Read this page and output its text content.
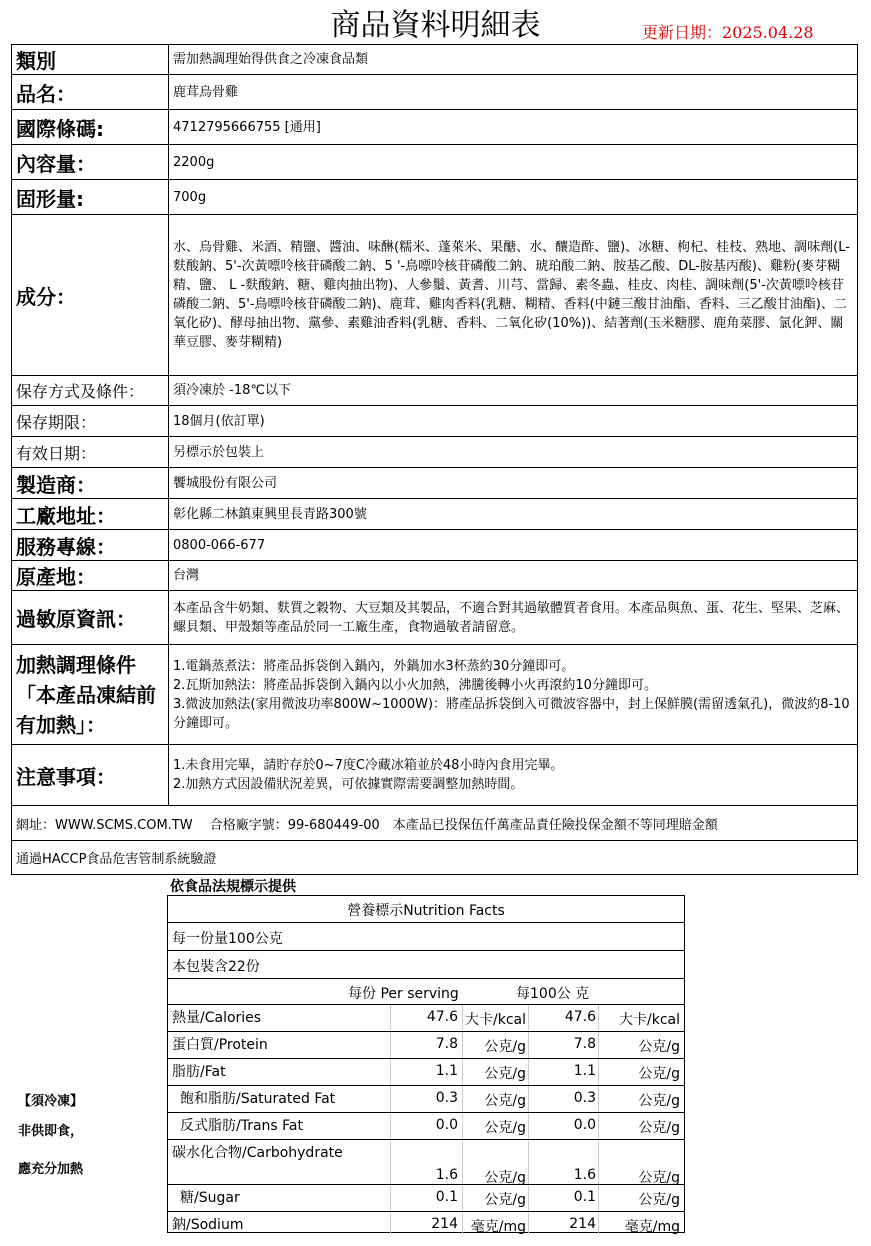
商品資料明細表	更新日期：2025.04.28
類別	需加熱調理始得供食之冷凍食品類
品名：	鹿茸烏骨雞
國際條碼:	4712795666755 [通用]
內容量：	2200g
固形量:	700g
成分：	水、烏骨雞、米酒、精鹽、醬油、味醂(糯米、蓬萊米、果醣、水、釀造酢、鹽)、冰糖、枸杞、桂枝、熟地、調味劑(L-麩酸鈉、5'-次黃嘌呤核苷磷酸二鈉、5 '-鳥嘌呤核苷磷酸二鈉、琥珀酸二鈉、胺基乙酸、DL-胺基丙酸)、雞粉(麥芽糊精、鹽、 L -麩酸鈉、糖、雞肉抽出物)、人參鬚、黃耆、川芎、當歸、素冬蟲、桂皮、肉桂、調味劑(5'-次黃嘌呤核苷磷酸二鈉、5'-鳥嘌呤核苷磷酸二鈉)、鹿茸、雞肉香料(乳糖、糊精、香料(中鏈三酸甘油酯、香料、三乙酸甘油酯)、二氧化矽)、酵母抽出物、黨參、素雞油香料(乳糖、香料、二氧化矽(10%))、結著劑(玉米糖膠、鹿角菜膠、氯化鉀、關華豆膠、麥芽糊精)
保存方式及條件：	須冷凍於 -18℃以下
保存期限：	18個月(依訂單)
有效日期：	另標示於包裝上
製造商：	饗城股份有限公司
工廠地址：	彰化縣二林鎮東興里長青路300號
服務專線：	0800-066-677
原產地：	台灣
過敏原資訊：	本產品含牛奶類、麩質之穀物、大豆類及其製品，不適合對其過敏體質者食用。本產品與魚、蛋、花生、堅果、芝麻、螺貝類、甲殼類等產品於同一工廠生產，食物過敏者請留意。
加熱調理條件「本產品凍結前有加熱」：	1.電鍋蒸煮法：將產品拆袋倒入鍋內，外鍋加水3杯蒸約30分鐘即可。
2.瓦斯加熱法：將產品拆袋倒入鍋內以小火加熱，沸騰後轉小火再滾約10分鐘即可。
3.微波加熱法(家用微波功率800W~1000W)：將產品拆袋倒入可微波容器中，封上保鮮膜(需留透氣孔)，微波約8-10分鐘即可。

注意事項：	1.未食用完畢，請貯存於0~7度C冷藏冰箱並於48小時內食用完畢。
2.加熱方式因設備狀況差異，可依據實際需要調整加熱時間。

網址：WWW.SCMS.COM.TW　 合格廠字號：99-680449-00　本產品已投保伍仟萬產品責任險投保金額不等同理賠金額	
通過HACCP食品危害管制系統驗證	
依食品法規標示提供
【須冷凍】
非供即食，
應充分加熱
營養標示Nutrition Facts
每一份量100公克
本包裝含22份
每份 Per serving	每100公 克
熱量/Calories	47.6 大卡/kcal	47.6 大卡/kcal
蛋白質/Protein	7.8 公克/g	7.8	公克/g
脂肪/Fat	1.1 公克/g	1.1	公克/g
飽和脂肪/Saturated Fat	0.3 公克/g	0.3	公克/g
反式脂肪/Trans Fat	0.0 公克/g	0.0	公克/g
碳水化合物/Carbohydrate
1.6 公克/g	1.6	公克/g
糖/Sugar	0.1 公克/g	0.1	公克/g
鈉/Sodium	214 毫克/mg	214 毫克/mg
